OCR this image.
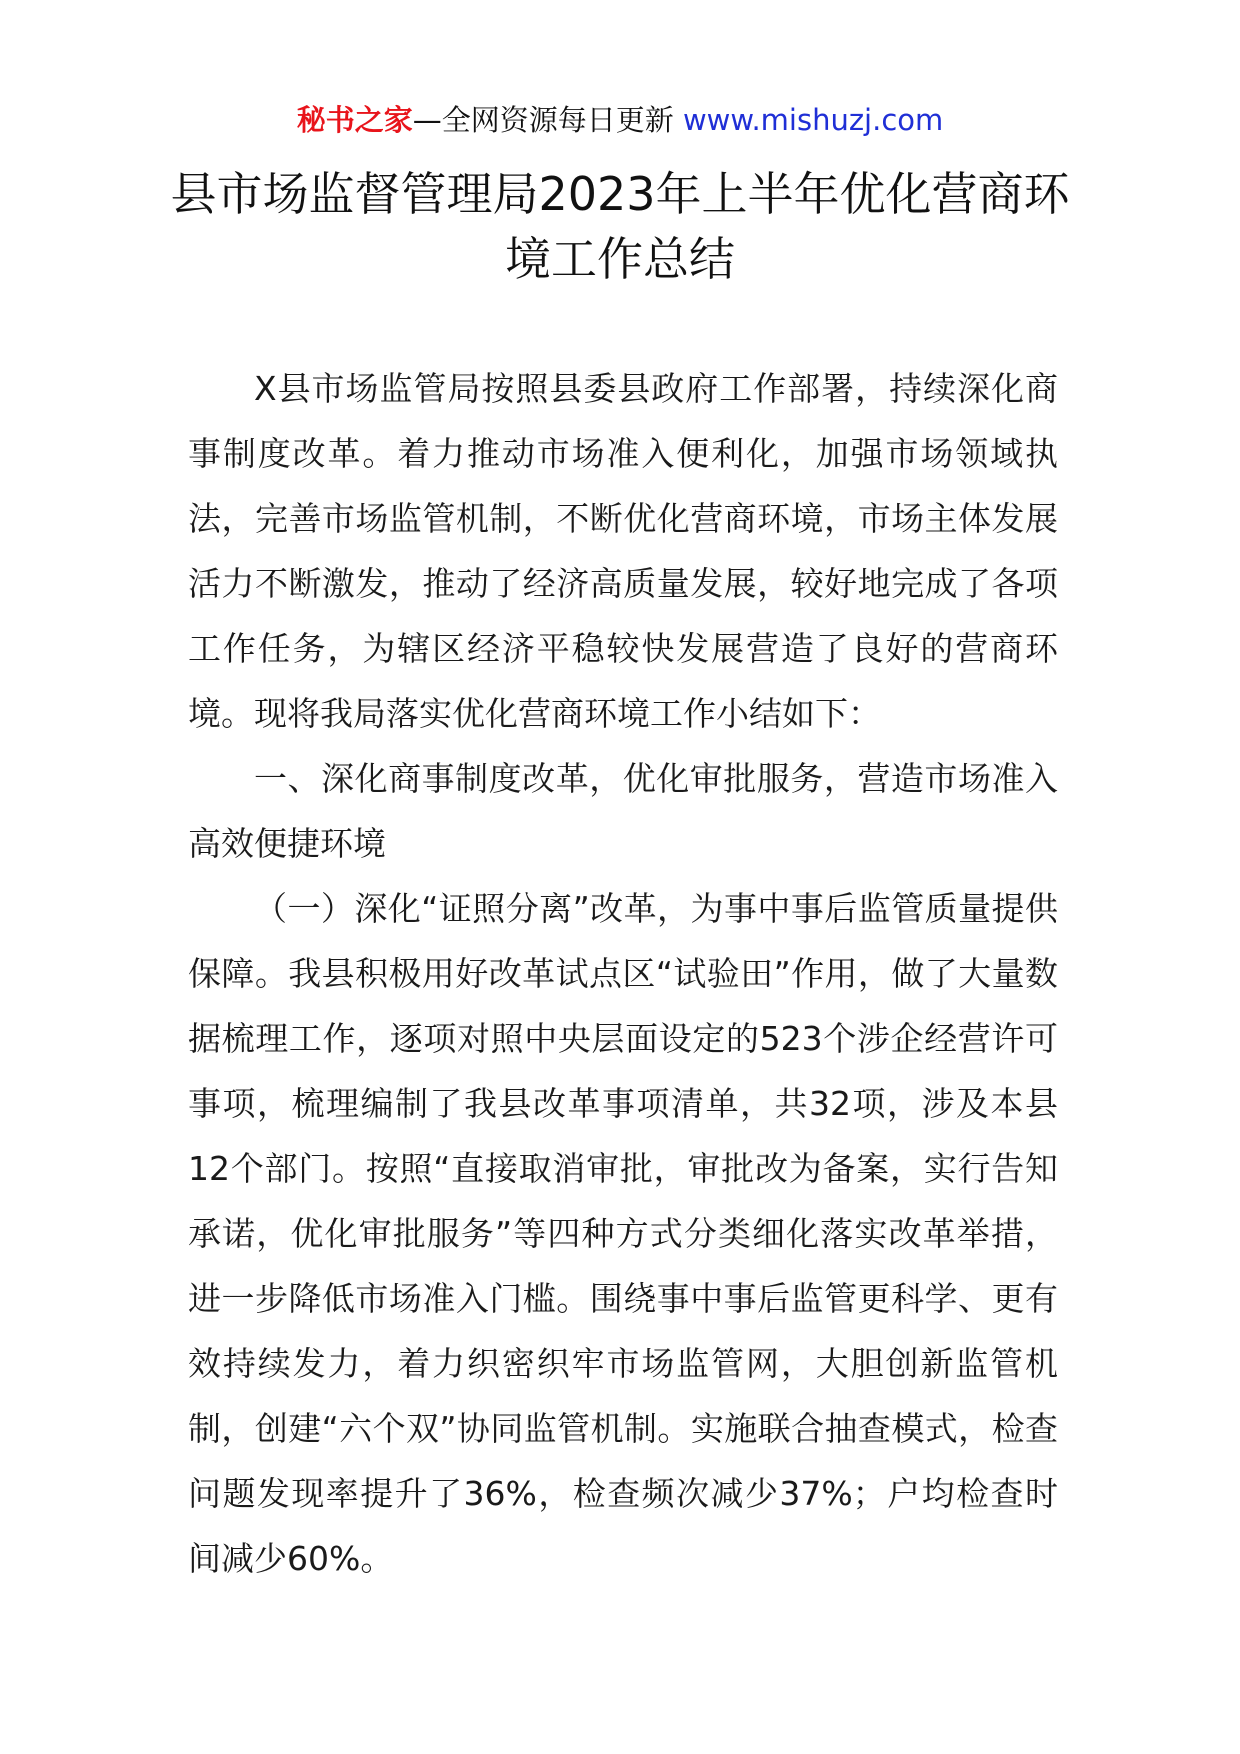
秘书之家—全网资源每日更新 www.mishuzj.com
县市场监督管理局2023年上半年优化营商环境工作总结

X县市场监管局按照县委县政府工作部署，持续深化商事制度改革。着力推动市场准入便利化，加强市场领域执法，完善市场监管机制，不断优化营商环境，市场主体发展活力不断激发，推动了经济高质量发展，较好地完成了各项工作任务，为辖区经济平稳较快发展营造了良好的营商环境。现将我局落实优化营商环境工作小结如下：

一、深化商事制度改革，优化审批服务，营造市场准入高效便捷环境

（一）深化“证照分离”改革，为事中事后监管质量提供保障。我县积极用好改革试点区“试验田”作用，做了大量数据梳理工作，逐项对照中央层面设定的523个涉企经营许可事项，梳理编制了我县改革事项清单，共32项，涉及本县12个部门。按照“直接取消审批，审批改为备案，实行告知承诺，优化审批服务”等四种方式分类细化落实改革举措，进一步降低市场准入门槛。围绕事中事后监管更科学、更有效持续发力，着力织密织牢市场监管网，大胆创新监管机制，创建“六个双”协同监管机制。实施联合抽查模式，检查问题发现率提升了36%，检查频次减少37%；户均检查时间减少60%。
